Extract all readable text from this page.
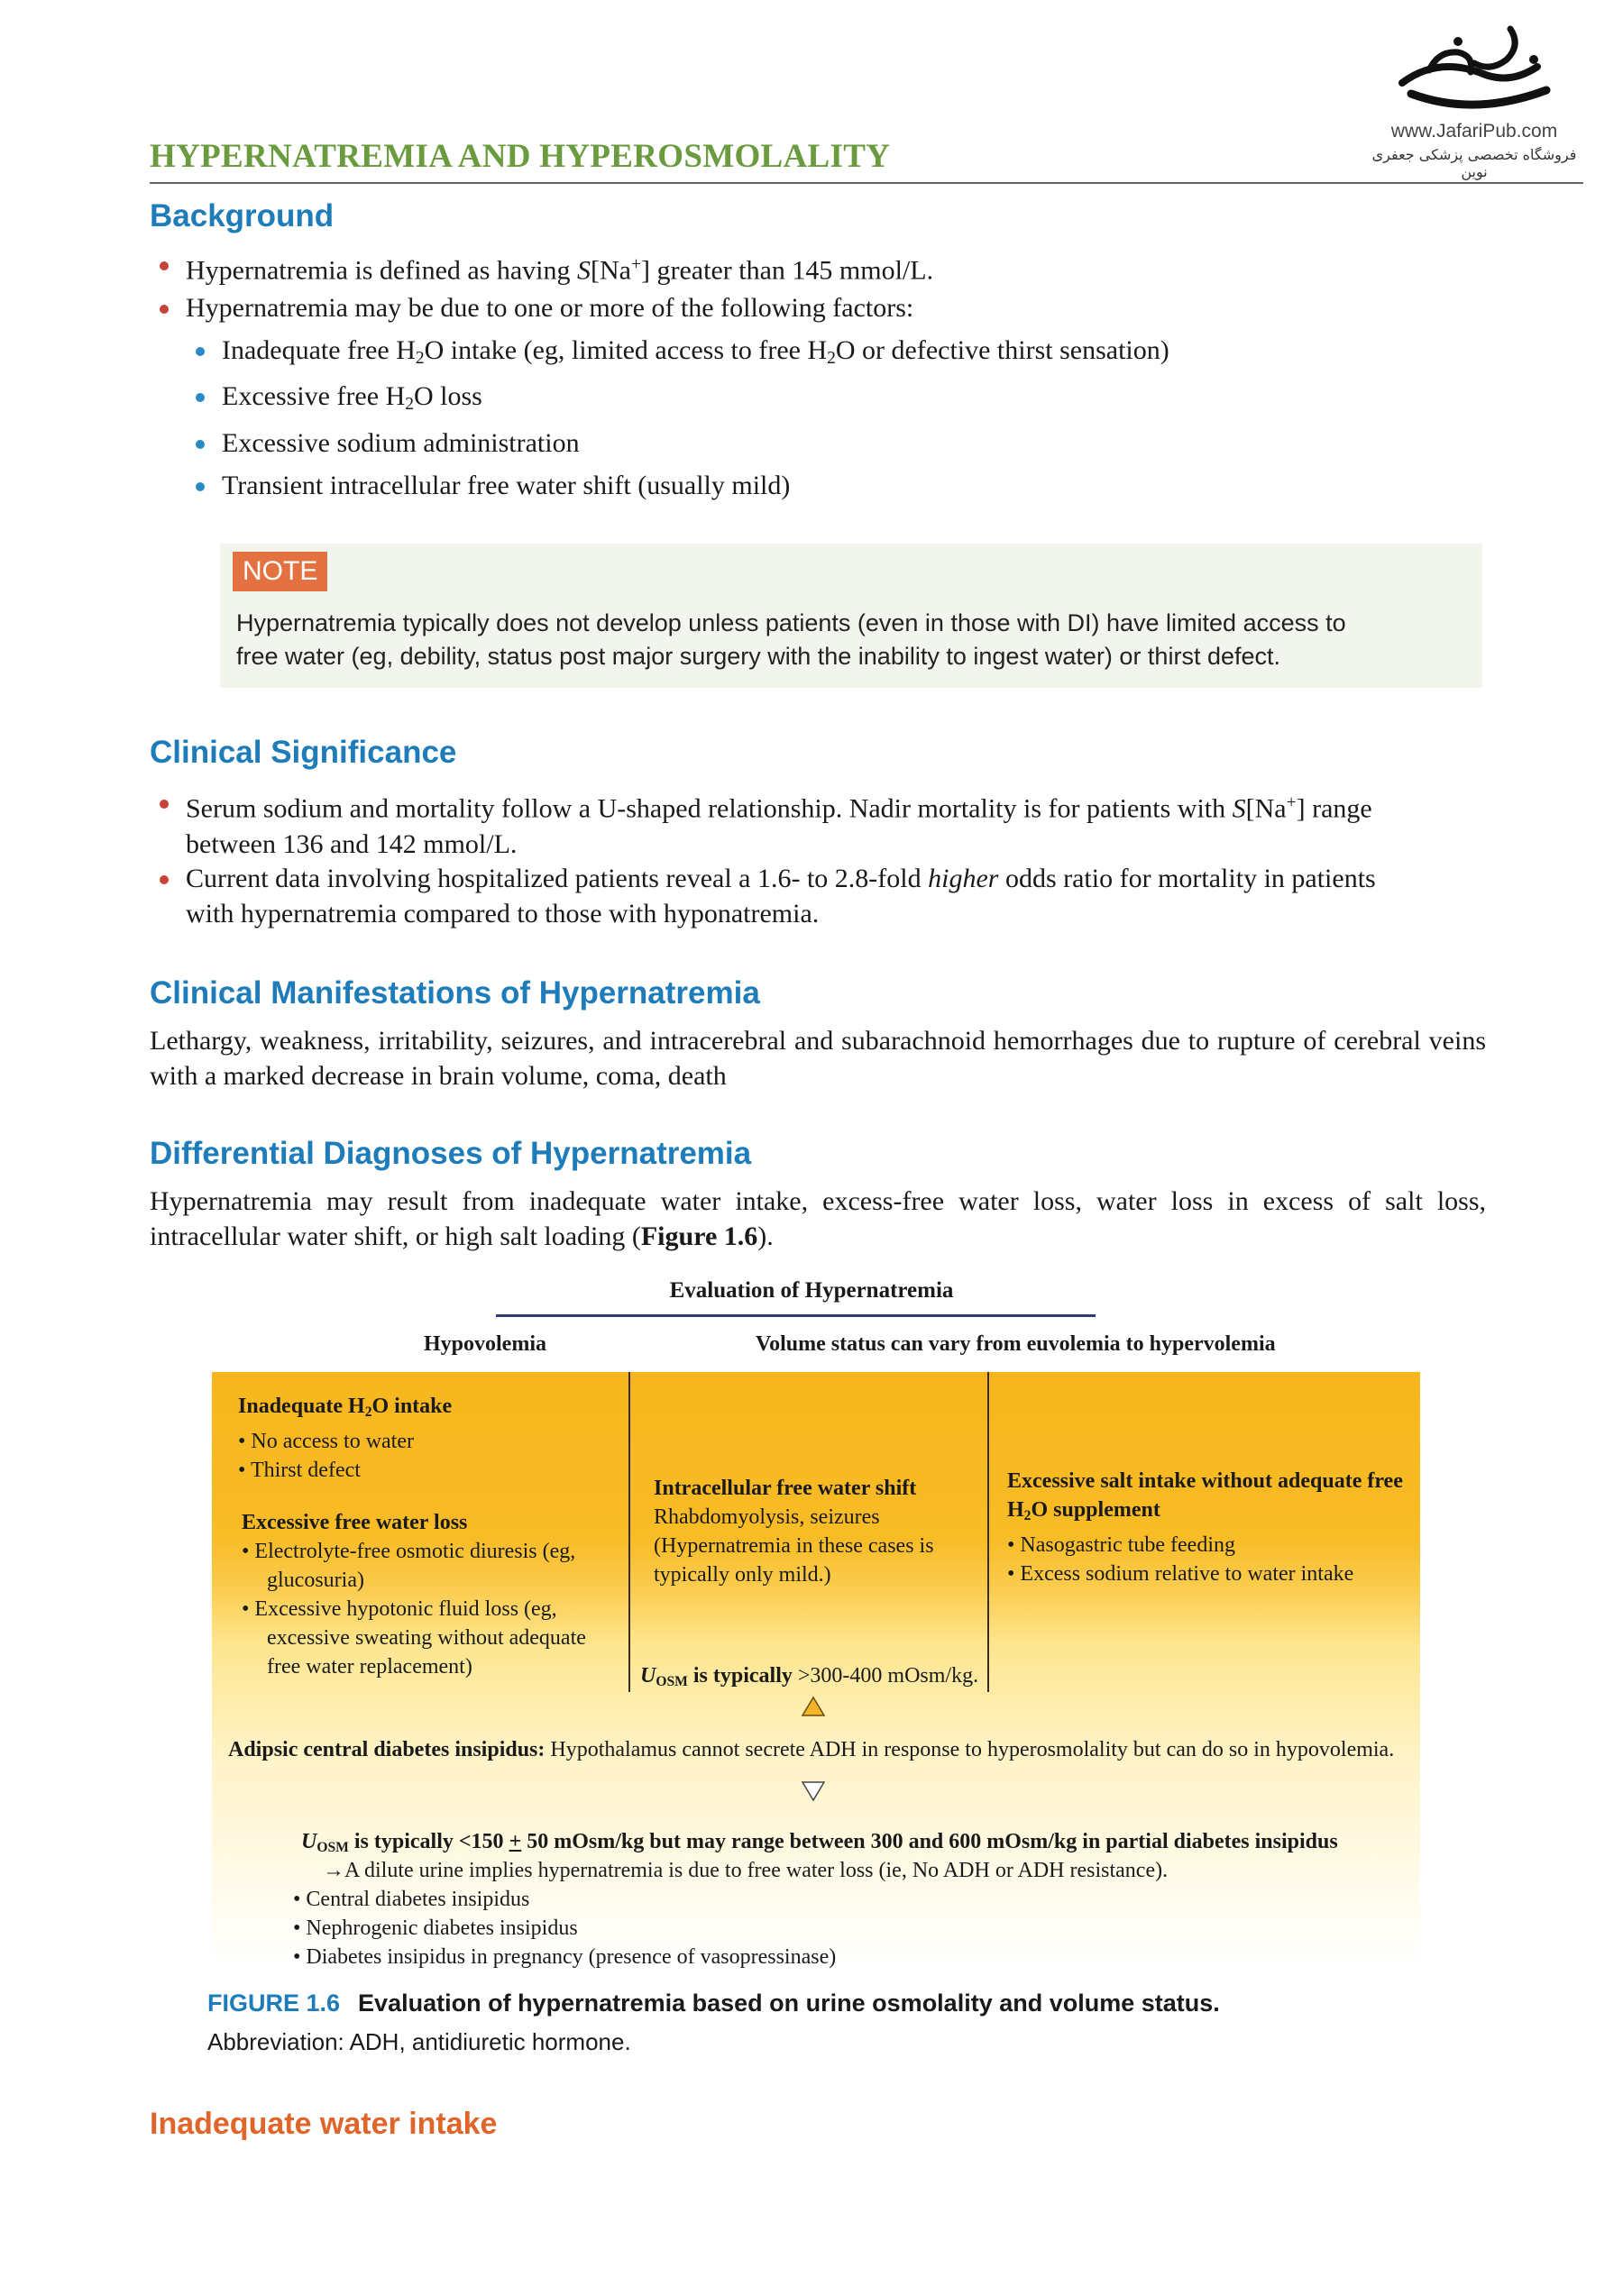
www.JafariPub.com
فروشگاه تخصصی پزشکی جعفری نوین
HYPERNATREMIA AND HYPEROSMOLALITY
Background
Hypernatremia is defined as having S[Na+] greater than 145 mmol/L.
Hypernatremia may be due to one or more of the following factors:
Inadequate free $H_2O$ intake (eg, limited access to free $H_2O$ or defective thirst sensation)
Excessive free $H_2O$ loss
Excessive sodium administration
Transient intracellular free water shift (usually mild)
NOTE
Hypernatremia typically does not develop unless patients (even in those with DI) have limited access to
free water (eg, debility, status post major surgery with the inability to ingest water) or thirst defect.
Clinical Significance
Serum sodium and mortality follow a U-shaped relationship. Nadir mortality is for patients with S[Na+] range
between 136 and 142 mmol/L.
Current data involving hospitalized patients reveal a 1.6- to 2.8-fold higher odds ratio for mortality in patients
with hypernatremia compared to those with hyponatremia.
Clinical Manifestations of Hypernatremia
Lethargy, weakness, irritability, seizures, and intracerebral and subarachnoid hemorrhages due to rupture of cerebral veins with a marked decrease in brain volume, coma, death
Differential Diagnoses of Hypernatremia
Hypernatremia may result from inadequate water intake, excess-free water loss, water loss in excess of salt loss, intracellular water shift, or high salt loading (Figure 1.6).
Evaluation of Hypernatremia
Hypovolemia	Volume status can vary from euvolemia to hypervolemia
Inadequate $H_2O$ intake
• No access to water
• Thirst defect
Excessive free water loss
• Electrolyte-free osmotic diuresis (eg, glucosuria)
• Excessive hypotonic fluid loss (eg, excessive sweating without adequate free water replacement)
Intracellular free water shift
Rhabdomyolysis, seizures
(Hypernatremia in these cases is typically only mild.)
Excessive salt intake without adequate free $H_2O$ supplement
• Nasogastric tube feeding
• Excess sodium relative to water intake
$U_{OSM}$ is typically >300-400 mOsm/kg.
Adipsic central diabetes insipidus: Hypothalamus cannot secrete ADH in response to hyperosmolality but can do so in hypovolemia.
$U_{OSM}$ is typically <150 + 50 mOsm/kg but may range between 300 and 600 mOsm/kg in partial diabetes insipidus
→A dilute urine implies hypernatremia is due to free water loss (ie, No ADH or ADH resistance).
• Central diabetes insipidus
• Nephrogenic diabetes insipidus
• Diabetes insipidus in pregnancy (presence of vasopressinase)
FIGURE 1.6 Evaluation of hypernatremia based on urine osmolality and volume status.
Abbreviation: ADH, antidiuretic hormone.
Inadequate water intake
